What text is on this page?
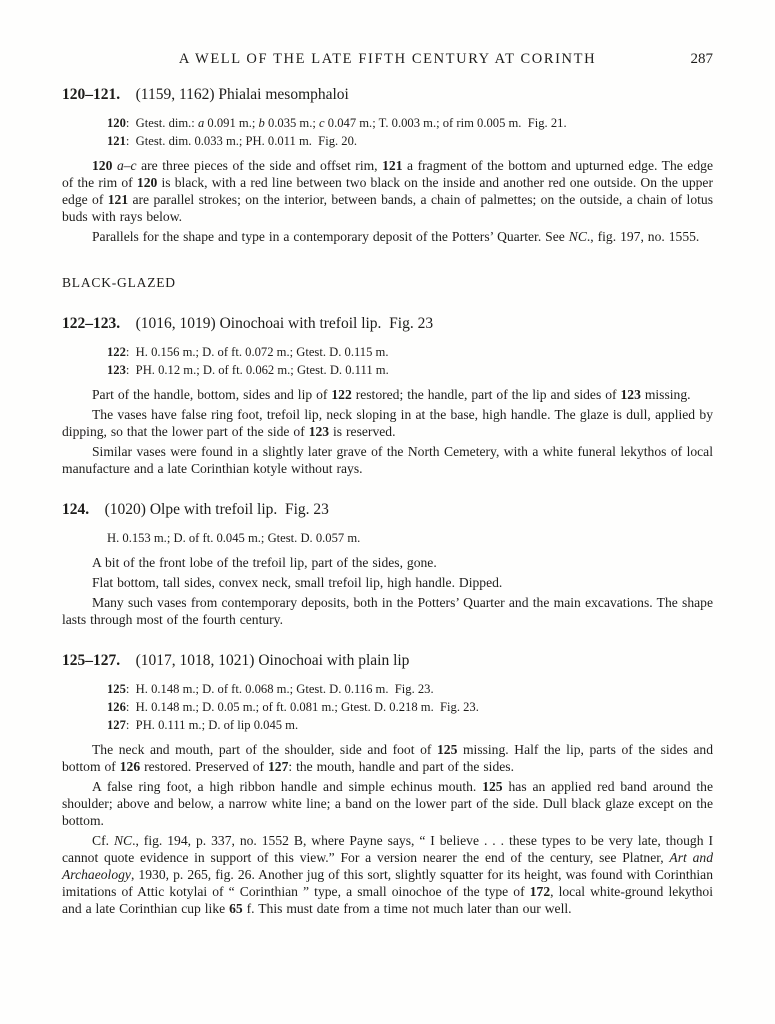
A WELL OF THE LATE FIFTH CENTURY AT CORINTH	287
120–121. (1159, 1162) Phialai mesomphaloi

120: Gtest. dim.: a 0.091 m.; b 0.035 m.; c 0.047 m.; T. 0.003 m.; of rim 0.005 m. Fig. 21.

121: Gtest. dim. 0.033 m.; PH. 0.011 m. Fig. 20.

120 a–c are three pieces of the side and offset rim, 121 a fragment of the bottom and upturned edge. The edge of the rim of 120 is black, with a red line between two black on the inside and another red one outside. On the upper edge of 121 are parallel strokes; on the interior, between bands, a chain of palmettes; on the outside, a chain of lotus buds with rays below.

Parallels for the shape and type in a contemporary deposit of the Potters’ Quarter. See NC., fig. 197, no. 1555.

BLACK-GLAZED
122–123. (1016, 1019) Oinochoai with trefoil lip. Fig. 23

122: H. 0.156 m.; D. of ft. 0.072 m.; Gtest. D. 0.115 m.

123: PH. 0.12 m.; D. of ft. 0.062 m.; Gtest. D. 0.111 m.

Part of the handle, bottom, sides and lip of 122 restored; the handle, part of the lip and sides of 123 missing.

The vases have false ring foot, trefoil lip, neck sloping in at the base, high handle. The glaze is dull, applied by dipping, so that the lower part of the side of 123 is reserved.

Similar vases were found in a slightly later grave of the North Cemetery, with a white funeral lekythos of local manufacture and a late Corinthian kotyle without rays.

124. (1020) Olpe with trefoil lip. Fig. 23

H. 0.153 m.; D. of ft. 0.045 m.; Gtest. D. 0.057 m.

A bit of the front lobe of the trefoil lip, part of the sides, gone.

Flat bottom, tall sides, convex neck, small trefoil lip, high handle. Dipped.

Many such vases from contemporary deposits, both in the Potters’ Quarter and the main excavations. The shape lasts through most of the fourth century.

125–127. (1017, 1018, 1021) Oinochoai with plain lip

125: H. 0.148 m.; D. of ft. 0.068 m.; Gtest. D. 0.116 m. Fig. 23.

126: H. 0.148 m.; D. 0.05 m.; of ft. 0.081 m.; Gtest. D. 0.218 m. Fig. 23.

127: PH. 0.111 m.; D. of lip 0.045 m.

The neck and mouth, part of the shoulder, side and foot of 125 missing. Half the lip, parts of the sides and bottom of 126 restored. Preserved of 127: the mouth, handle and part of the sides.

A false ring foot, a high ribbon handle and simple echinus mouth. 125 has an applied red band around the shoulder; above and below, a narrow white line; a band on the lower part of the side. Dull black glaze except on the bottom.

Cf. NC., fig. 194, p. 337, no. 1552 B, where Payne says, “ I believe . . . these types to be very late, though I cannot quote evidence in support of this view.” For a version nearer the end of the century, see Platner, Art and Archaeology, 1930, p. 265, fig. 26. Another jug of this sort, slightly squatter for its height, was found with Corinthian imitations of Attic kotylai of “ Corinthian ” type, a small oinochoe of the type of 172, local white-ground lekythoi and a late Corinthian cup like 65 f. This must date from a time not much later than our well.
